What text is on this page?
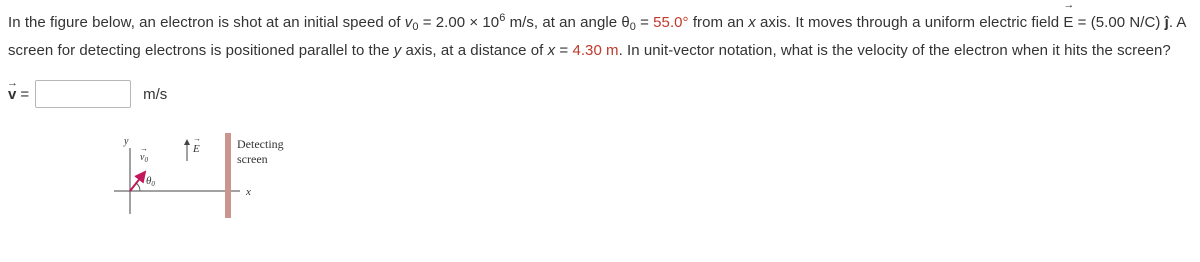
In the figure below, an electron is shot at an initial speed of $v_0 = 2.00 \times 10^6$ m/s, at an angle $\theta_0 = 55.0^\circ$ from an x axis. It moves through a uniform electric field → E = (5.00 N/C) ĵ. A screen for detecting electrons is positioned parallel to the y axis, at a distance of x = 4.30 m. In unit-vector notation, what is the velocity of the electron when it hits the screen?
→ v =	m/s
y
x
$v_0$
→
θ0
E
→	Detecting
screen
